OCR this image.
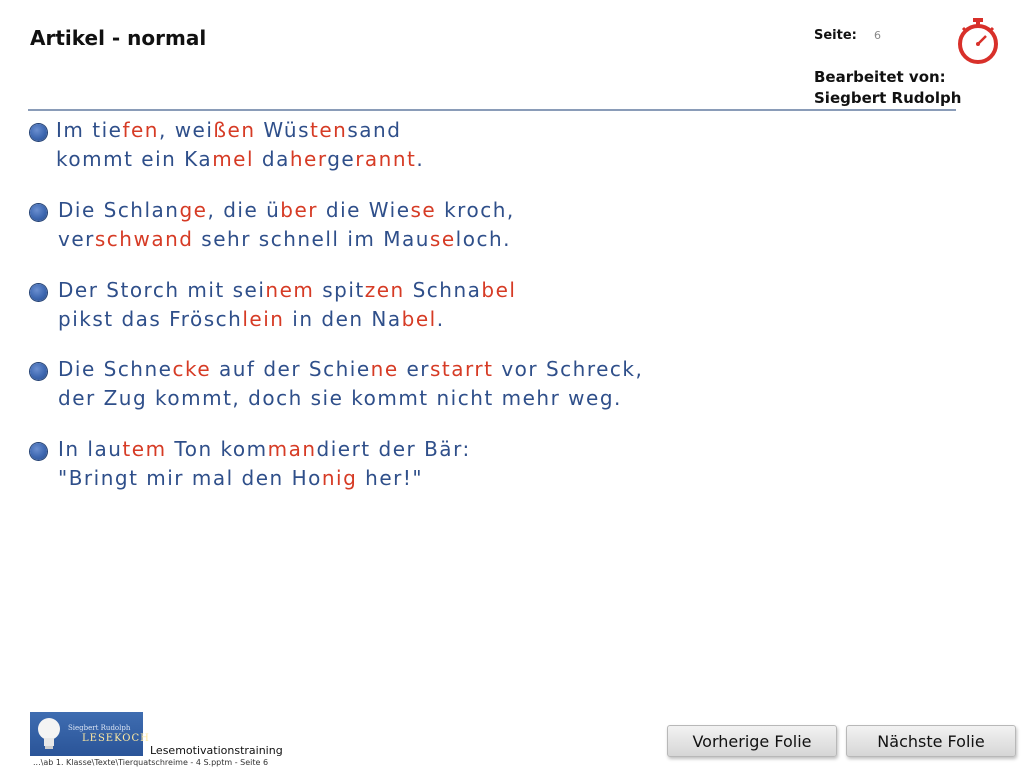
Artikel - normal	Seite: 6
Bearbeitet von:
Siegbert Rudolph
Im tiefen, weißen Wüstensand
kommt ein Kamel dahergerannt.
Die Schlange, die über die Wiese kroch,
verschwand sehr schnell im Mauseloch.
Der Storch mit seinem spitzen Schnabel
pikst das Fröschlein in den Nabel.
Die Schnecke auf der Schiene erstarrt vor Schreck,
der Zug kommt, doch sie kommt nicht mehr weg.
In lautem Ton kommandiert der Bär:
"Bringt mir mal den Honig her!"
Siegbert Rudolph
LESEKOCH
Lesemotivationstraining
...\ab 1. Klasse\Texte\Tierquatschreime - 4 S.pptm - Seite 6
Vorherige Folie	Nächste Folie
